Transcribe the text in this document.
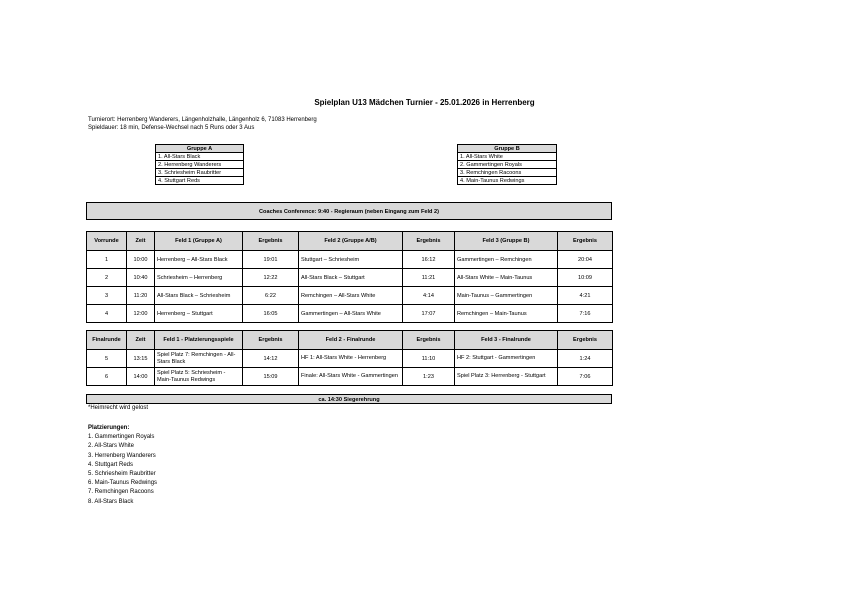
Spielplan U13 Mädchen Turnier - 25.01.2026 in Herrenberg
Turnierort: Herrenberg Wanderers, Längenholzhalle, Längenholz 6, 71083 Herrenberg
Spieldauer: 18 min, Defense-Wechsel nach 5 Runs oder 3 Aus
Gruppe A
1. All-Stars Black
2. Herrenberg Wanderers
3. Schriesheim Raubritter
4. Stuttgart Reds
Gruppe B
1. All-Stars White
2. Gammertingen Royals
3. Remchingen Racoons
4. Main-Taunus Redwings
Coaches Conference: 9:40 - Regieraum (neben Eingang zum Feld 2)
Vorrunde	Zeit	Feld 1 (Gruppe A)	Ergebnis	Feld 2 (Gruppe A/B)	Ergebnis	Feld 3 (Gruppe B)	Ergebnis
1	10:00	Herrenberg – All-Stars Black	19:01	Stuttgart – Schriesheim	16:12	Gammertingen – Remchingen	20:04
2	10:40	Schriesheim – Herrenberg	12:22	All-Stars Black – Stuttgart	11:21	All-Stars White – Main-Taunus	10:09
3	11:20	All-Stars Black – Schriesheim	6:22	Remchingen – All-Stars White	4:14	Main-Taunus – Gammertingen	4:21
4	12:00	Herrenberg – Stuttgart	16:05	Gammertingen – All-Stars White	17:07	Remchingen – Main-Taunus	7:16
Finalrunde	Zeit	Feld 1 - Platzierungsspiele	Ergebnis	Feld 2 - Finalrunde	Ergebnis	Feld 3 - Finalrunde	Ergebnis
5	13:15	Spiel Platz 7: Remchingen - All-Stars Black	14:12	HF 1: All-Stars White - Herrenberg	11:10	HF 2: Stuttgart - Gammertingen	1:24
6	14:00	Spiel Platz 5: Schriesheim - Main-Taunus Redwings	15:09	Finale: All-Stars White - Gammertingen	1:23	Spiel Platz 3: Herrenberg - Stuttgart	7:06
ca. 14:30 Siegerehrung
*Heimrecht wird gelost
Platzierungen:
1. Gammertingen Royals
2. All-Stars White
3. Herrenberg Wanderers
4. Stuttgart Reds
5. Schriesheim Raubritter
6. Main-Taunus Redwings
7. Remchingen Racoons
8. All-Stars Black
